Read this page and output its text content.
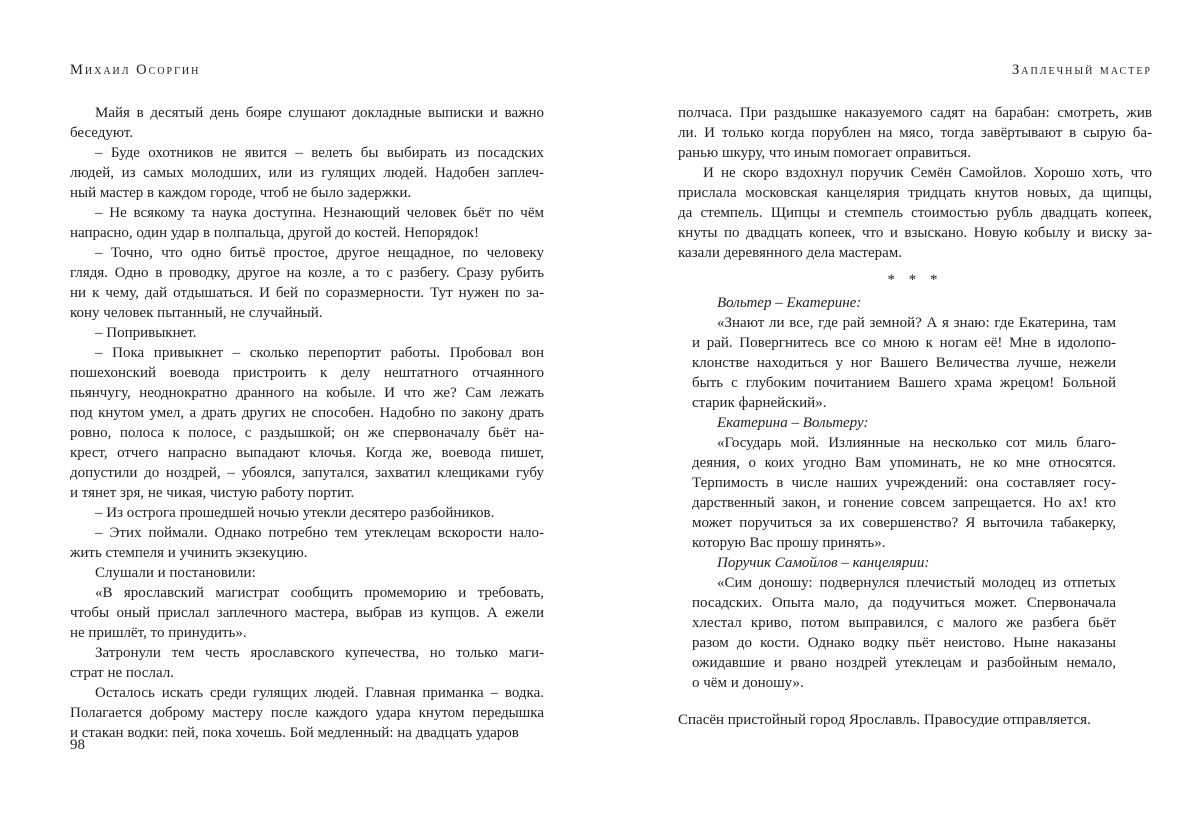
Михаил Осоргин
Майя в десятый день бояре слушают докладные выписки и важно
беседуют.
– Буде охотников не явится – велеть бы выбирать из посадских
людей, из самых молодших, или из гулящих людей. Надобен заплеч-
ный мастер в каждом городе, чтоб не было задержки.
– Не всякому та наука доступна. Незнающий человек бьёт по чём
напрасно, один удар в полпальца, другой до костей. Непорядок!
– Точно, что одно битьё простое, другое нещадное, по человеку
глядя. Одно в проводку, другое на козле, а то с разбегу. Сразу рубить
ни к чему, дай отдышаться. И бей по соразмерности. Тут нужен по за-
кону человек пытанный, не случайный.
– Попривыкнет.
– Пока привыкнет – сколько перепортит работы. Пробовал вон
пошехонский воевода пристроить к делу нештатного отчаянного
пьянчугу, неоднократно дранного на кобыле. И что же? Сам лежать
под кнутом умел, а драть других не способен. Надобно по закону драть
ровно, полоса к полосе, с раздышкой; он же спервоначалу бьёт на-
крест, отчего напрасно выпадают клочья. Когда же, воевода пишет,
допустили до ноздрей, – убоялся, запутался, захватил клещиками губу
и тянет зря, не чикая, чистую работу портит.
– Из острога прошедшей ночью утекли десятеро разбойников.
– Этих поймали. Однако потребно тем утеклецам вскорости нало-
жить стемпеля и учинить экзекуцию.
Слушали и постановили:
«В ярославский магистрат сообщить промеморию и требовать,
чтобы оный прислал заплечного мастера, выбрав из купцов. А ежели
не пришлёт, то принудить».
Затронули тем честь ярославского купечества, но только маги-
страт не послал.
Осталось искать среди гулящих людей. Главная приманка – водка.
Полагается доброму мастеру после каждого удара кнутом передышка
и стакан водки: пей, пока хочешь. Бой медленный: на двадцать ударов
Заплечный мастер
полчаса. При раздышке наказуемого садят на барабан: смотреть, жив
ли. И только когда порублен на мясо, тогда завёртывают в сырую ба-
ранью шкуру, что иным помогает оправиться.
И не скоро вздохнул поручик Семён Самойлов. Хорошо хоть, что
прислала московская канцелярия тридцать кнутов новых, да щипцы,
да стемпель. Щипцы и стемпель стоимостью рубль двадцать копеек,
кнуты по двадцать копеек, что и взыскано. Новую кобылу и виску за-
казали деревянного дела мастерам.
* * *
Вольтер – Екатерине:
«Знают ли все, где рай земной? А я знаю: где Екатерина, там
и рай. Повергнитесь все со мною к ногам её! Мне в идолопо-
клонстве находиться у ног Вашего Величества лучше, нежели
быть с глубоким почитанием Вашего храма жрецом! Больной
старик фарнейский».
Екатерина – Вольтеру:
«Государь мой. Излиянные на несколько сот миль благо-
деяния, о коих угодно Вам упоминать, не ко мне относятся.
Терпимость в числе наших учреждений: она составляет госу-
дарственный закон, и гонение совсем запрещается. Но ах! кто
может поручиться за их совершенство? Я выточила табакерку,
которую Вас прошу принять».
Поручик Самойлов – канцелярии:
«Сим доношу: подвернулся плечистый молодец из отпетых
посадских. Опыта мало, да подучиться может. Спервоначала
хлестал криво, потом выправился, с малого же разбега бьёт
разом до кости. Однако водку пьёт неистово. Ныне наказаны
ожидавшие и рвано ноздрей утеклецам и разбойным немало,
о чём и доношу».
Спасён пристойный город Ярославль. Правосудие отправляется.
98
